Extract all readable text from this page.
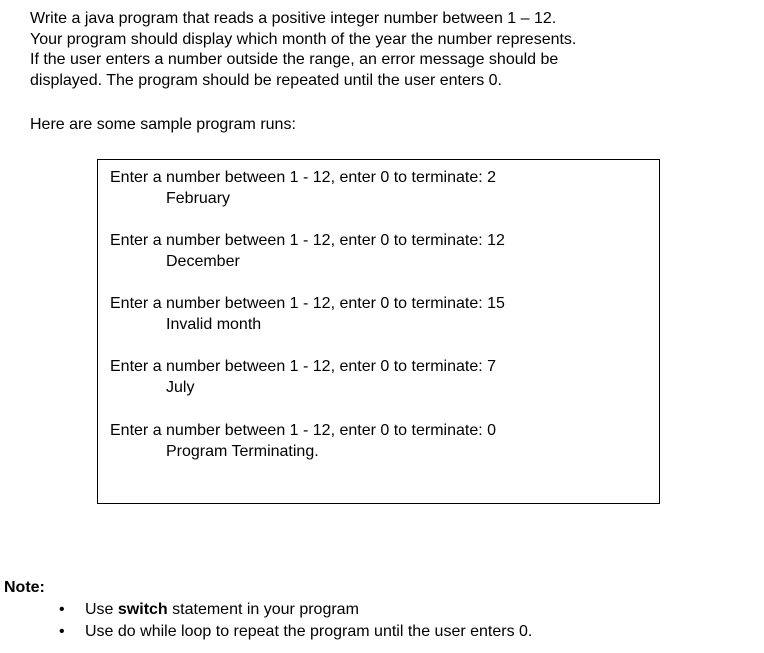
Write a java program that reads a positive integer number between 1 – 12.
Your program should display which month of the year the number represents.
If the user enters a number outside the range, an error message should be
displayed. The program should be repeated until the user enters 0.

Here are some sample program runs:

Enter a number between 1 - 12, enter 0 to terminate: 2
February
Enter a number between 1 - 12, enter 0 to terminate: 12
December
Enter a number between 1 - 12, enter 0 to terminate: 15
Invalid month
Enter a number between 1 - 12, enter 0 to terminate: 7
July
Enter a number between 1 - 12, enter 0 to terminate: 0
Program Terminating.

Note:

• Use switch statement in your program
• Use do while loop to repeat the program until the user enters 0.
